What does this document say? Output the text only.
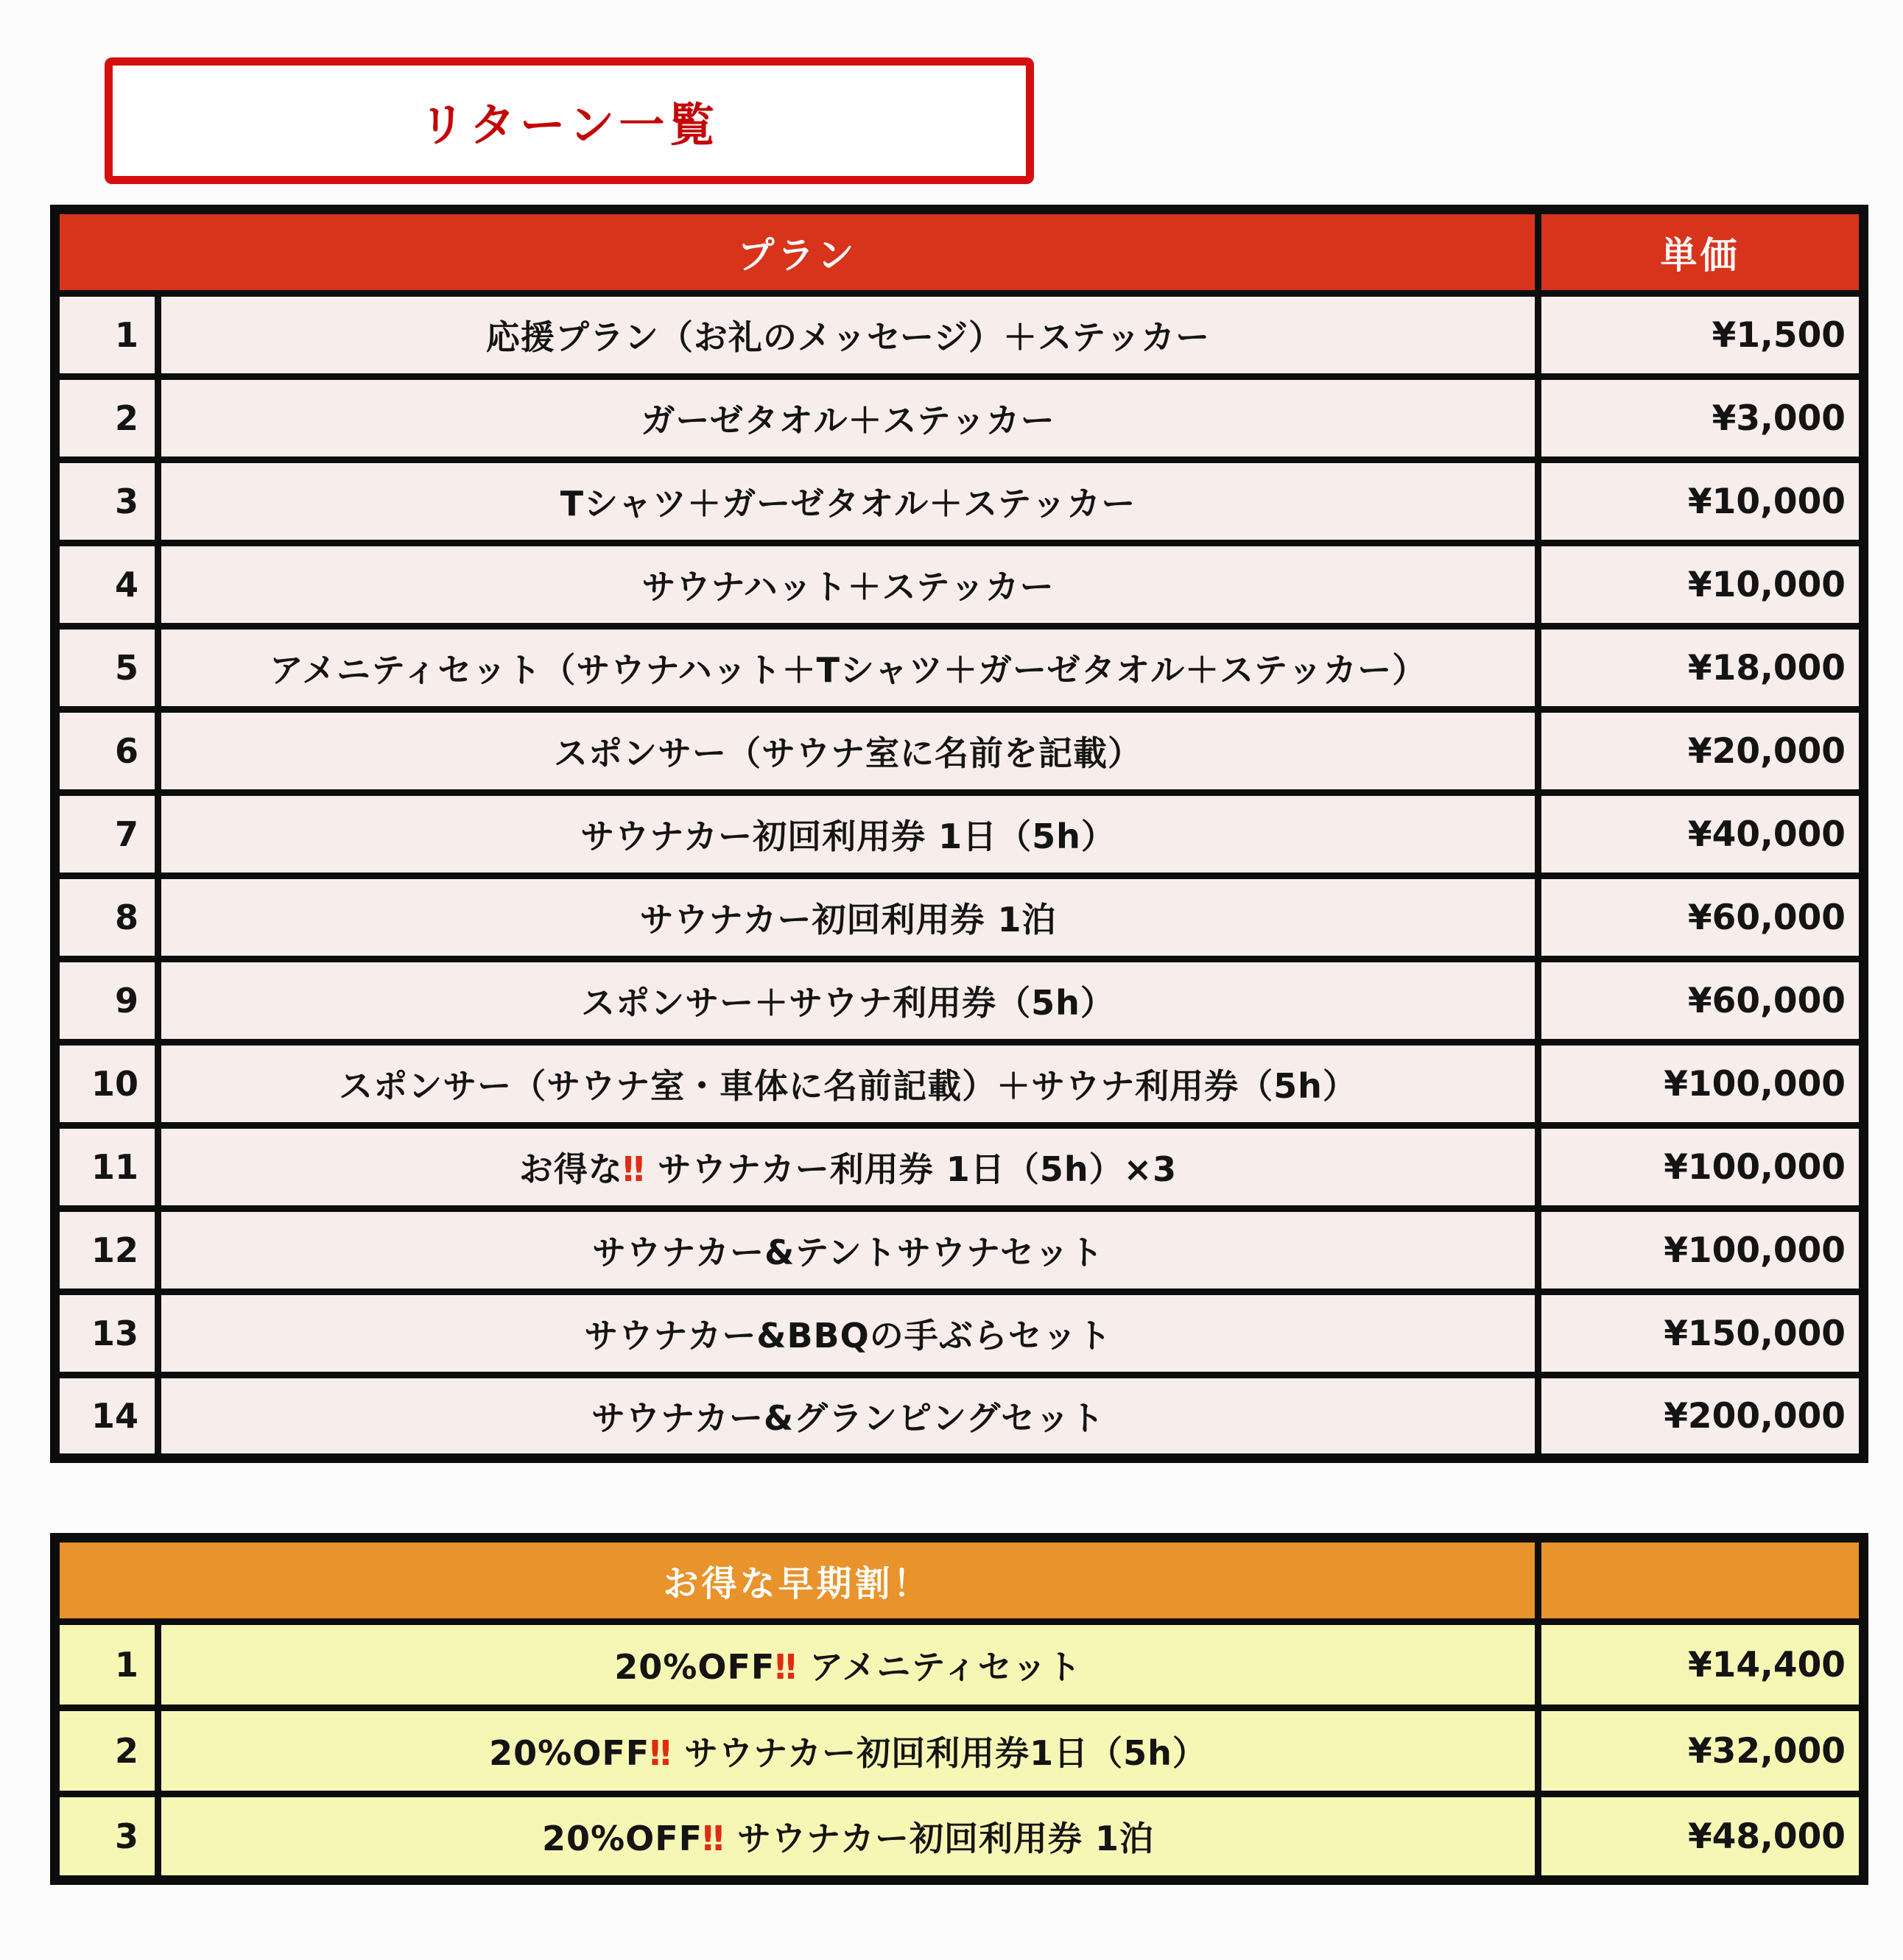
リターン一覧
プラン		単価
1	応援プラン（お礼のメッセージ）＋ステッカー	¥1,500
2	ガーゼタオル＋ステッカー	¥3,000
3	Tシャツ＋ガーゼタオル＋ステッカー	¥10,000
4	サウナハット＋ステッカー	¥10,000
5	アメニティセット（サウナハット＋Tシャツ＋ガーゼタオル＋ステッカー）	¥18,000
6	スポンサー（サウナ室に名前を記載）	¥20,000
7	サウナカー初回利用券 1日（5h）	¥40,000
8	サウナカー初回利用券 1泊	¥60,000
9	スポンサー＋サウナ利用券（5h）	¥60,000
10	スポンサー（サウナ室・車体に名前記載）＋サウナ利用券（5h）	¥100,000
11	お得な‼ サウナカー利用券 1日（5h）×3	¥100,000
12	サウナカー&テントサウナセット	¥100,000
13	サウナカー&BBQの手ぶらセット	¥150,000
14	サウナカー&グランピングセット	¥200,000
お得な早期割！		
1	20%OFF‼ アメニティセット	¥14,400
2	20%OFF‼ サウナカー初回利用券1日（5h）	¥32,000
3	20%OFF‼ サウナカー初回利用券 1泊	¥48,000
